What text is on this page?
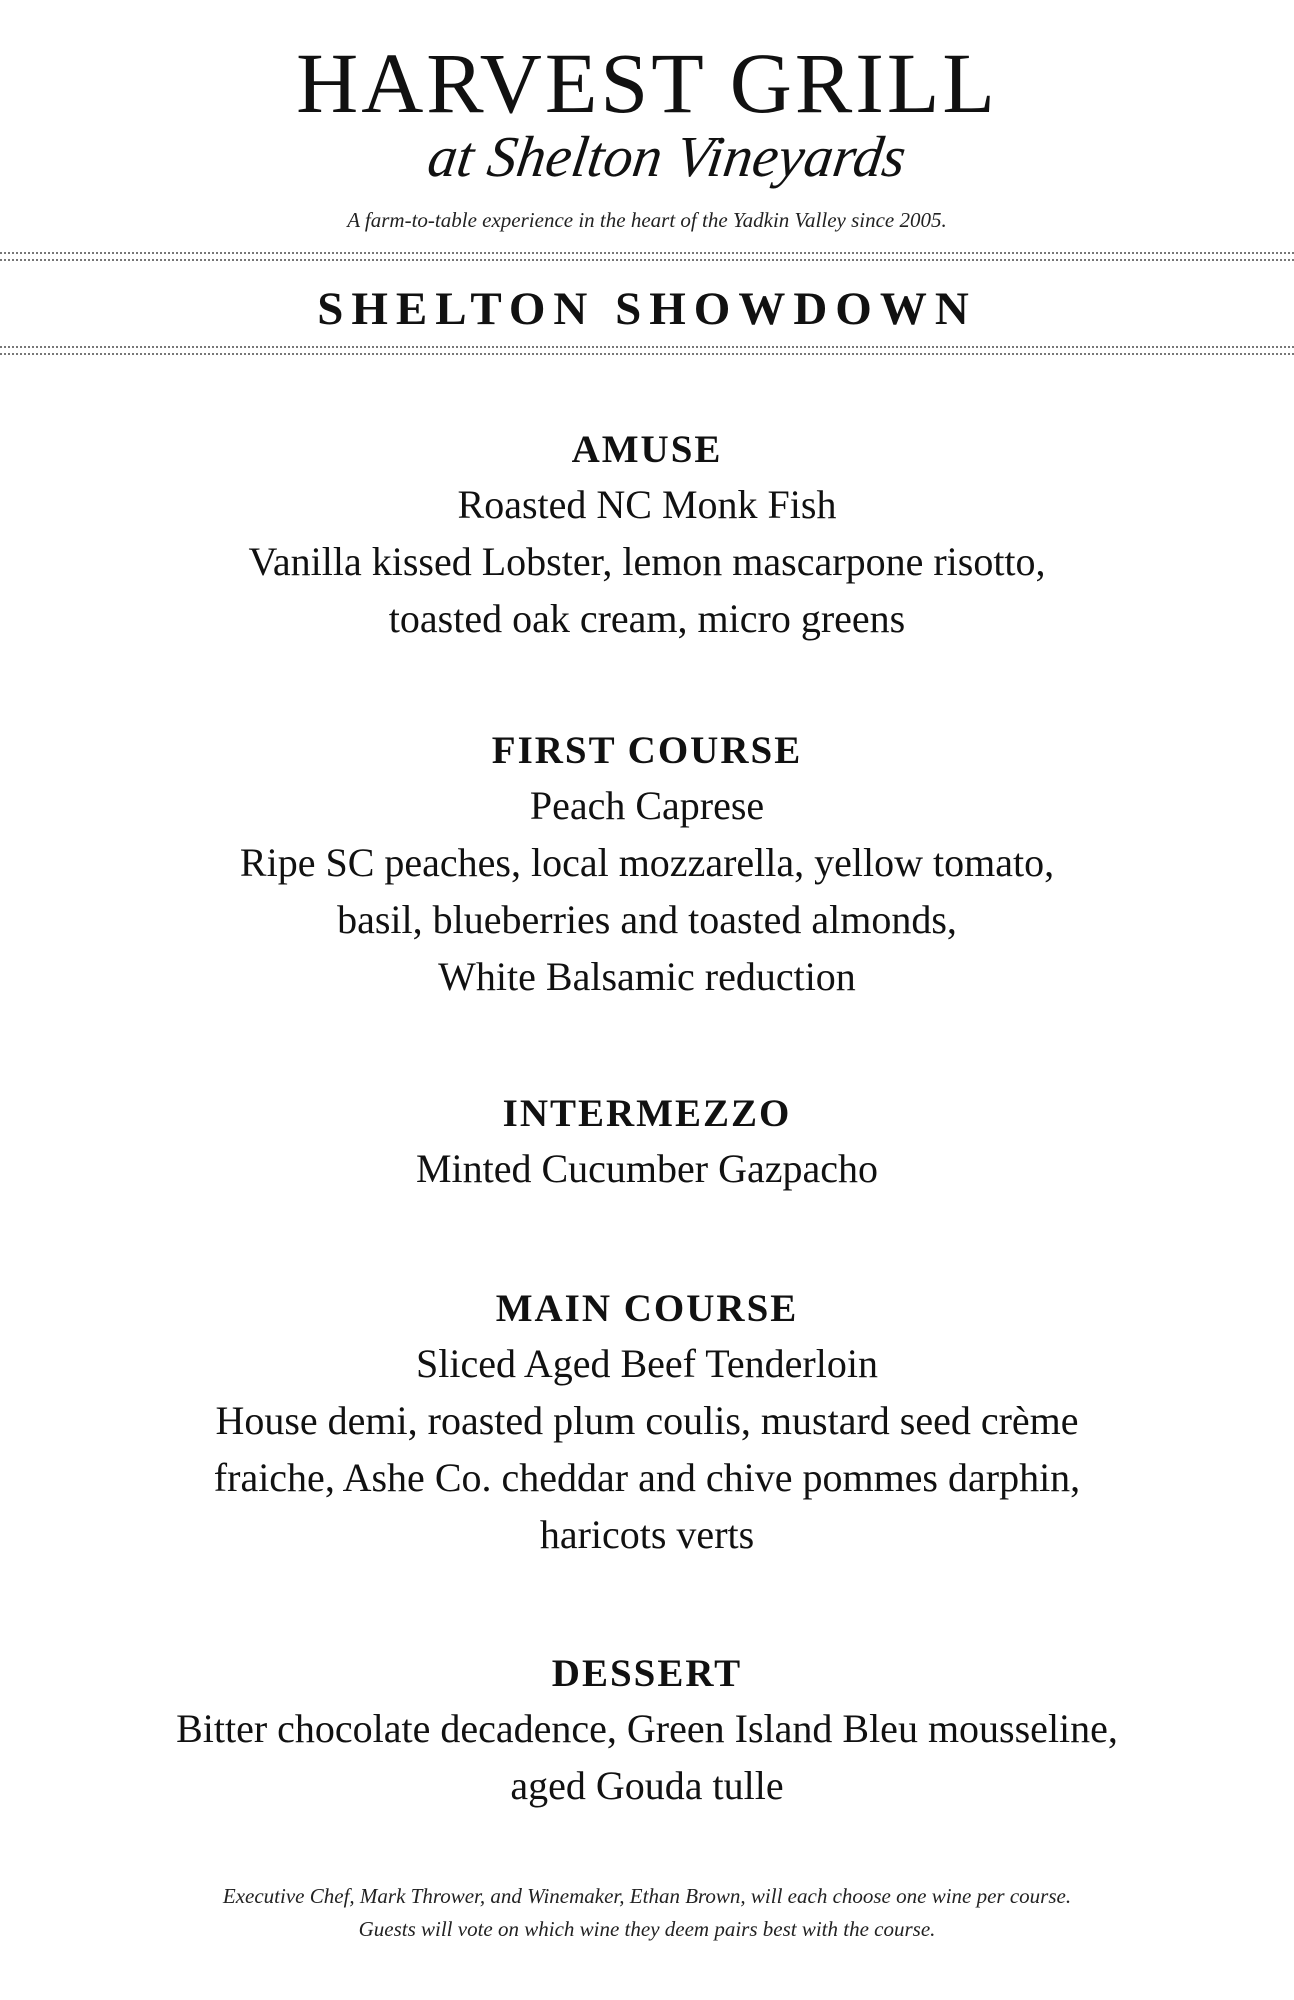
HARVEST GRILL
at Shelton Vineyards
A farm-to-table experience in the heart of the Yadkin Valley since 2005.
SHELTON SHOWDOWN
AMUSE
Roasted NC Monk Fish
Vanilla kissed Lobster, lemon mascarpone risotto,
toasted oak cream, micro greens
FIRST COURSE
Peach Caprese
Ripe SC peaches, local mozzarella, yellow tomato,
basil, blueberries and toasted almonds,
White Balsamic reduction
INTERMEZZO
Minted Cucumber Gazpacho
MAIN COURSE
Sliced Aged Beef Tenderloin
House demi, roasted plum coulis, mustard seed crème
fraiche, Ashe Co. cheddar and chive pommes darphin,
haricots verts
DESSERT
Bitter chocolate decadence, Green Island Bleu mousseline,
aged Gouda tulle
Executive Chef, Mark Thrower, and Winemaker, Ethan Brown, will each choose one wine per course.
Guests will vote on which wine they deem pairs best with the course.
